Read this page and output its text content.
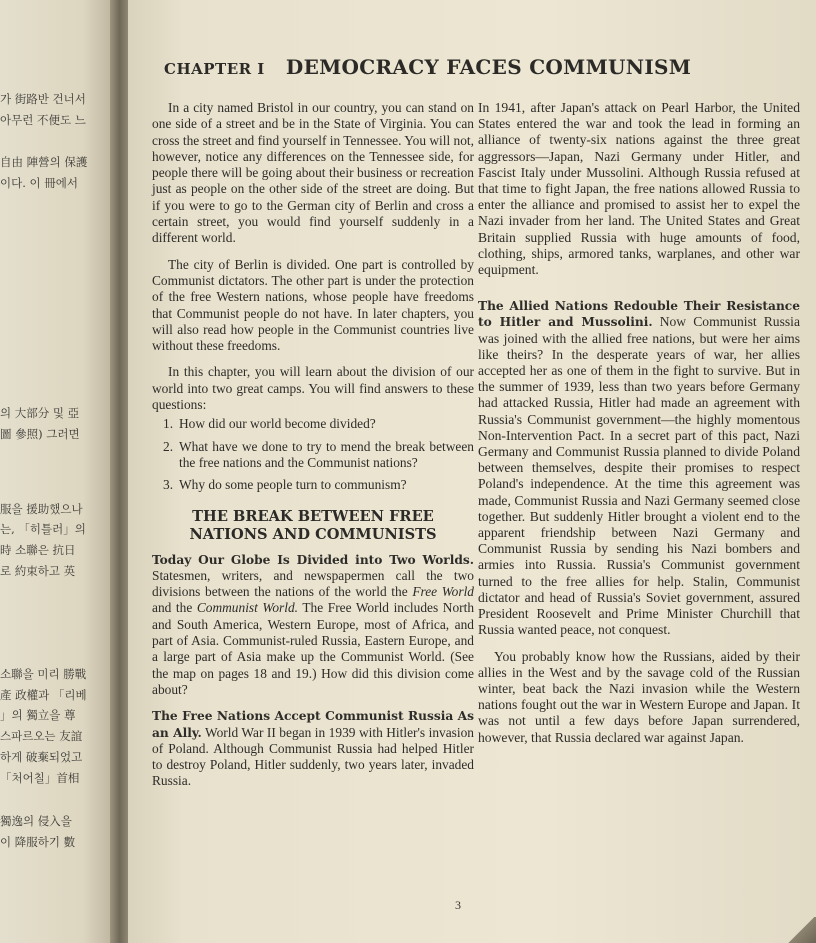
가 街路반 건너서
아무런 不便도 느
自由 陣營의 保護
이다. 이 冊에서
의 大部分 및 亞
圖 參照) 그러면
服을 援助했으나
는, 「히틀러」의
時 소聯은 抗日
로 約束하고 英
소聯을 미리 勝戰
產 政權과 「리베
」의 獨立을 尊
스파르오는 友誼
하게 破棄되었고
「처어칠」首相
獨逸의 侵入을
이 降服하기 數
CHAPTER I DEMOCRACY FACES COMMUNISM

In a city named Bristol in our country, you can stand on one side of a street and be in the State of Virginia. You can cross the street and find yourself in Tennessee. You will not, however, notice any differences on the Tennessee side, for people there will be going about their business or recreation just as people on the other side of the street are doing. But if you were to go to the German city of Berlin and cross a certain street, you would find yourself suddenly in a different world.

The city of Berlin is divided. One part is controlled by Communist dictators. The other part is under the protection of the free Western nations, whose people have freedoms that Communist people do not have. In later chapters, you will also read how people in the Communist countries live without these freedoms.

In this chapter, you will learn about the division of our world into two great camps. You will find answers to these questions:

1. How did our world become divided?
2. What have we done to try to mend the break between the free nations and the Communist nations?
3. Why do some people turn to communism?
THE BREAK BETWEEN FREE
NATIONS AND COMMUNISTS

Today Our Globe Is Divided into Two Worlds. Statesmen, writers, and newspapermen call the two divisions between the nations of the world the Free World and the Communist World. The Free World includes North and South America, Western Europe, most of Africa, and part of Asia. Communist-ruled Russia, Eastern Europe, and a large part of Asia make up the Communist World. (See the map on pages 18 and 19.) How did this division come about?

The Free Nations Accept Communist Russia As an Ally. World War II began in 1939 with Hitler's invasion of Poland. Although Communist Russia had helped Hitler to destroy Poland, Hitler suddenly, two years later, invaded Russia.

In 1941, after Japan's attack on Pearl Harbor, the United States entered the war and took the lead in forming an alliance of twenty-six nations against the three great aggressors—Japan, Nazi Germany under Hitler, and Fascist Italy under Mussolini. Although Russia refused at that time to fight Japan, the free nations allowed Russia to enter the alliance and promised to assist her to expel the Nazi invader from her land. The United States and Great Britain supplied Russia with huge amounts of food, clothing, ships, armored tanks, warplanes, and other war equipment.

The Allied Nations Redouble Their Resistance to Hitler and Mussolini. Now Communist Russia was joined with the allied free nations, but were her aims like theirs? In the desperate years of war, her allies accepted her as one of them in the fight to survive. But in the summer of 1939, less than two years before Germany had attacked Russia, Hitler had made an agreement with Russia's Communist government—the highly momentous Non-Intervention Pact. In a secret part of this pact, Nazi Germany and Communist Russia planned to divide Poland between themselves, despite their promises to respect Poland's independence. At the time this agreement was made, Communist Russia and Nazi Germany seemed close together. But suddenly Hitler brought a violent end to the apparent friendship between Nazi Germany and Communist Russia by sending his Nazi bombers and armies into Russia. Russia's Communist government turned to the free allies for help. Stalin, Communist dictator and head of Russia's Soviet government, assured President Roosevelt and Prime Minister Churchill that Russia wanted peace, not conquest.

You probably know how the Russians, aided by their allies in the West and by the savage cold of the Russian winter, beat back the Nazi invasion while the Western nations fought out the war in Western Europe and Japan. It was not until a few days before Japan surrendered, however, that Russia declared war against Japan.

3
